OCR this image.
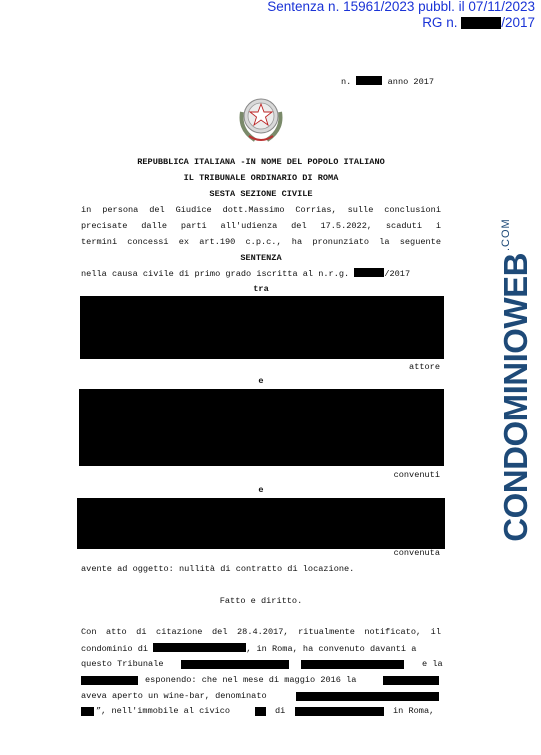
Sentenza n. 15961/2023 pubbl. il 07/11/2023
RG n.	/2017
n.	anno 2017
REPUBBLICA ITALIANA -IN NOME DEL POPOLO ITALIANO
IL TRIBUNALE ORDINARIO DI ROMA
SESTA SEZIONE CIVILE
in persona del Giudice dott.Massimo Corrias, sulle conclusioni
precisate dalle parti all'udienza del 17.5.2022, scaduti i
termini concessi ex art.190 c.p.c., ha pronunziato la seguente
SENTENZA
nella causa civile di primo grado iscritta al n.r.g.	/2017
tra
attore
e
convenuti
e
convenuta
avente ad oggetto: nullità di contratto di locazione.
Fatto e diritto.
Con atto di citazione del 28.4.2017, ritualmente notificato, il
condominio di	, in Roma, ha convenuto davanti a
questo Tribunale	e la
esponendo: che nel mese di maggio 2016 la
aveva aperto un wine-bar, denominato
”, nell'immobile al civico	di	in Roma,
$CONDOMINIOWEB^{.COM}$
